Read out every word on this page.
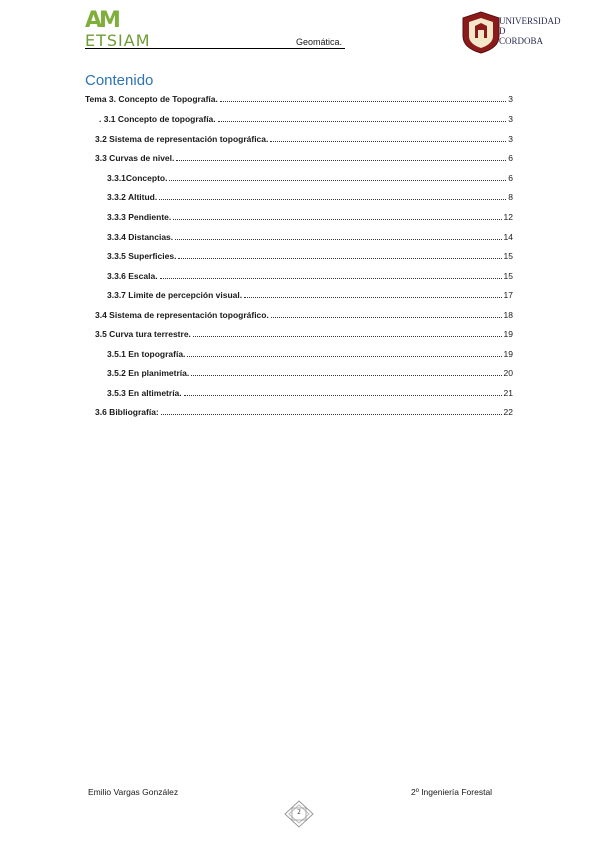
AM
ETSIAM	Geomática.
UNIVERSIDAD
D
CORDOBA
Contenido
Tema 3. Concepto de Topografía.	3
. 3.1 Concepto de topografía.	3
3.2 Sistema de representación topográfica.	3
3.3 Curvas de nivel.	6
3.3.1Concepto.	6
3.3.2 Altitud.	8
3.3.3 Pendiente.	12
3.3.4 Distancias.	14
3.3.5 Superficies.	15
3.3.6 Escala.	15
3.3.7 Limite de percepción visual.	17
3.4 Sistema de representación topográfico.	18
3.5 Curva tura terrestre.	19
3.5.1 En topografía.	19
3.5.2 En planimetría.	20
3.5.3 En altimetría.	21
3.6 Bibliografía:	22
Emilio Vargas González	2º Ingeniería Forestal
2
